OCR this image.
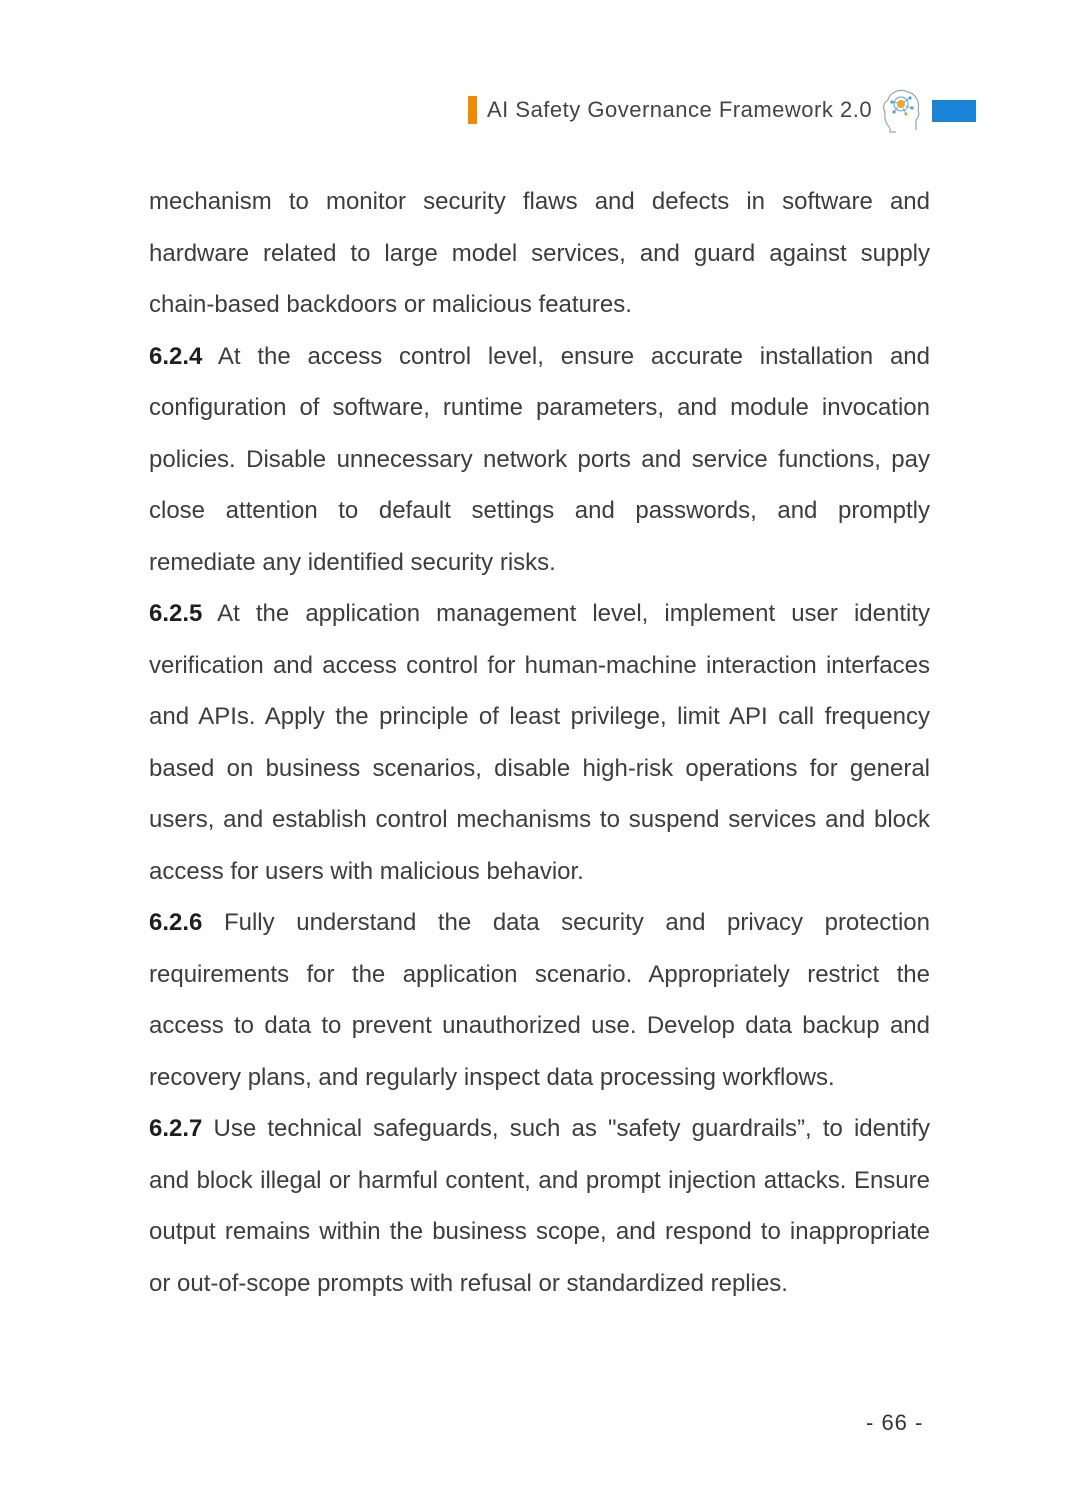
AI Safety Governance Framework 2.0

mechanism to monitor security flaws and defects in software and hardware related to large model services, and guard against supply chain-based backdoors or malicious features.

6.2.4 At the access control level, ensure accurate installation and configuration of software, runtime parameters, and module invocation policies. Disable unnecessary network ports and service functions, pay close attention to default settings and passwords, and promptly remediate any identified security risks.

6.2.5 At the application management level, implement user identity verification and access control for human-machine interaction interfaces and APIs. Apply the principle of least privilege, limit API call frequency based on business scenarios, disable high-risk operations for general users, and establish control mechanisms to suspend services and block access for users with malicious behavior.

6.2.6 Fully understand the data security and privacy protection requirements for the application scenario. Appropriately restrict the access to data to prevent unauthorized use. Develop data backup and recovery plans, and regularly inspect data processing workflows.

6.2.7 Use technical safeguards, such as "safety guardrails”, to identify and block illegal or harmful content, and prompt injection attacks. Ensure output remains within the business scope, and respond to inappropriate or out-of-scope prompts with refusal or standardized replies.

- 66 -
